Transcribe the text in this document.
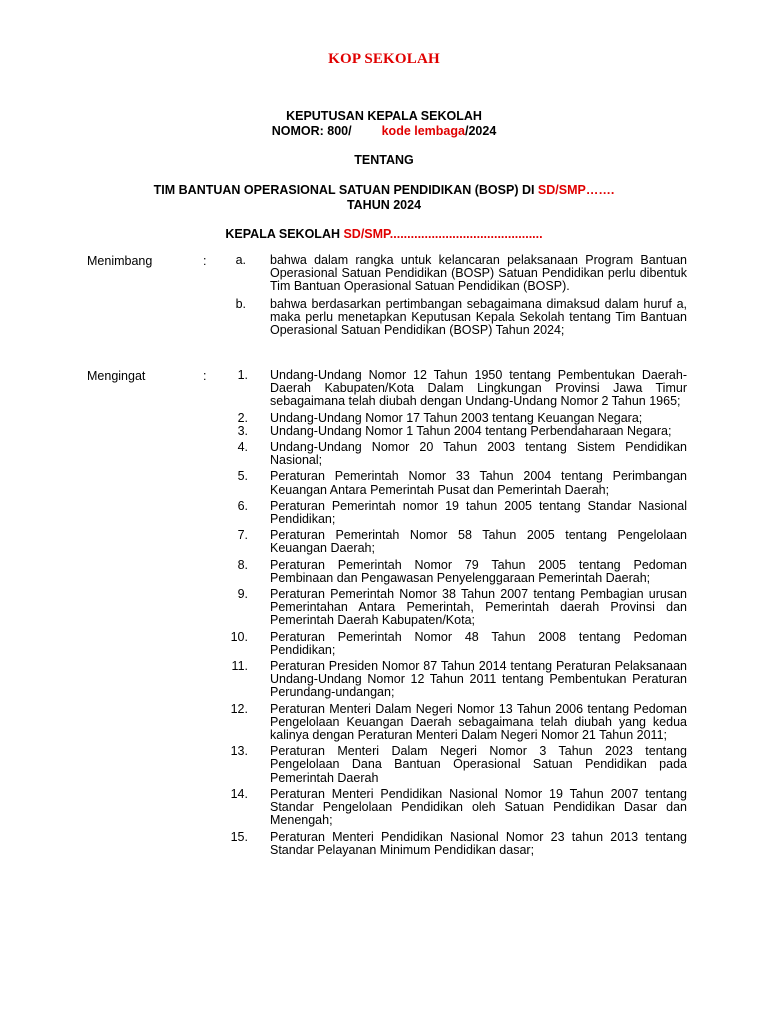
KOP SEKOLAH
KEPUTUSAN KEPALA SEKOLAH
NOMOR: 800/ kode lembaga/2024
TENTANG
TIM BANTUAN OPERASIONAL SATUAN PENDIDIKAN (BOSP) DI SD/SMP…….
TAHUN 2024
KEPALA SEKOLAH SD/SMP............................................
Menimbang	:	a.	bahwa dalam rangka untuk kelancaran pelaksanaan Program Bantuan Operasional Satuan Pendidikan (BOSP) Satuan Pendidikan perlu dibentuk Tim Bantuan Operasional Satuan Pendidikan (BOSP).
b.	bahwa berdasarkan pertimbangan sebagaimana dimaksud dalam huruf a, maka perlu menetapkan Keputusan Kepala Sekolah tentang Tim Bantuan Operasional Satuan Pendidikan (BOSP) Tahun 2024;
Mengingat	:	1.	Undang-Undang Nomor 12 Tahun 1950 tentang Pembentukan Daerah-Daerah Kabupaten/Kota Dalam Lingkungan Provinsi Jawa Timur sebagaimana telah diubah dengan Undang-Undang Nomor 2 Tahun 1965;
2.	Undang-Undang Nomor 17 Tahun 2003 tentang Keuangan Negara;
3.	Undang-Undang Nomor 1 Tahun 2004 tentang Perbendaharaan Negara;
4.	Undang-Undang Nomor 20 Tahun 2003 tentang Sistem Pendidikan Nasional;
5.	Peraturan Pemerintah Nomor 33 Tahun 2004 tentang Perimbangan Keuangan Antara Pemerintah Pusat dan Pemerintah Daerah;
6.	Peraturan Pemerintah nomor 19 tahun 2005 tentang Standar Nasional Pendidikan;
7.	Peraturan Pemerintah Nomor 58 Tahun 2005 tentang Pengelolaan Keuangan Daerah;
8.	Peraturan Pemerintah Nomor 79 Tahun 2005 tentang Pedoman Pembinaan dan Pengawasan Penyelenggaraan Pemerintah Daerah;
9.	Peraturan Pemerintah Nomor 38 Tahun 2007 tentang Pembagian urusan Pemerintahan Antara Pemerintah, Pemerintah daerah Provinsi dan Pemerintah Daerah Kabupaten/Kota;
10.	Peraturan Pemerintah Nomor 48 Tahun 2008 tentang Pedoman Pendidikan;
11.	Peraturan Presiden Nomor 87 Tahun 2014 tentang Peraturan Pelaksanaan Undang-Undang Nomor 12 Tahun 2011 tentang Pembentukan Peraturan Perundang-undangan;
12.	Peraturan Menteri Dalam Negeri Nomor 13 Tahun 2006 tentang Pedoman Pengelolaan Keuangan Daerah sebagaimana telah diubah yang kedua kalinya dengan Peraturan Menteri Dalam Negeri Nomor 21 Tahun 2011;
13.	Peraturan Menteri Dalam Negeri Nomor 3 Tahun 2023 tentang Pengelolaan Dana Bantuan Operasional Satuan Pendidikan pada Pemerintah Daerah
14.	Peraturan Menteri Pendidikan Nasional Nomor 19 Tahun 2007 tentang Standar Pengelolaan Pendidikan oleh Satuan Pendidikan Dasar dan Menengah;
15.	Peraturan Menteri Pendidikan Nasional Nomor 23 tahun 2013 tentang Standar Pelayanan Minimum Pendidikan dasar;
